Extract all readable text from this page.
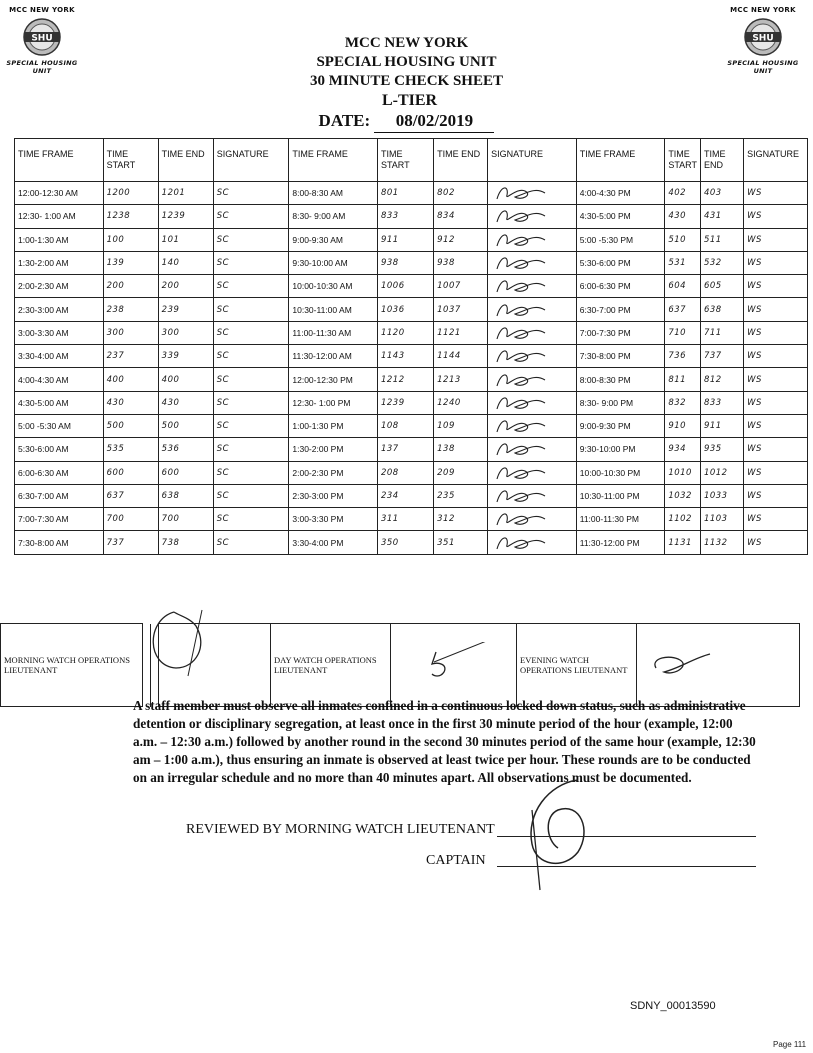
MCC NEW YORK
SHU
SPECIAL HOUSING UNIT
MCC NEW YORK
SHU
SPECIAL HOUSING UNIT
MCC NEW YORK
SPECIAL HOUSING UNIT
30 MINUTE CHECK SHEET
L-TIER
DATE: 08/02/2019
TIME FRAME	TIME START	TIME END	SIGNATURE	TIME FRAME	TIME START	TIME END	SIGNATURE	TIME FRAME	TIME START	TIME END	SIGNATURE
12:00-12:30 AM	1200	1201	SC	8:00-8:30 AM	801	802		4:00-4:30 PM	402	403	WS
12:30- 1:00 AM	1238	1239	SC	8:30- 9:00 AM	833	834		4:30-5:00 PM	430	431	WS
1:00-1:30 AM	100	101	SC	9:00-9:30 AM	911	912		5:00 -5:30 PM	510	511	WS
1:30-2:00 AM	139	140	SC	9:30-10:00 AM	938	938		5:30-6:00 PM	531	532	WS
2:00-2:30 AM	200	200	SC	10:00-10:30 AM	1006	1007		6:00-6:30 PM	604	605	WS
2:30-3:00 AM	238	239	SC	10:30-11:00 AM	1036	1037		6:30-7:00 PM	637	638	WS
3:00-3:30 AM	300	300	SC	11:00-11:30 AM	1120	1121		7:00-7:30 PM	710	711	WS
3:30-4:00 AM	237	339	SC	11:30-12:00 AM	1143	1144		7:30-8:00 PM	736	737	WS
4:00-4:30 AM	400	400	SC	12:00-12:30 PM	1212	1213		8:00-8:30 PM	811	812	WS
4:30-5:00 AM	430	430	SC	12:30- 1:00 PM	1239	1240		8:30- 9:00 PM	832	833	WS
5:00 -5:30 AM	500	500	SC	1:00-1:30 PM	108	109		9:00-9:30 PM	910	911	WS
5:30-6:00 AM	535	536	SC	1:30-2:00 PM	137	138		9:30-10:00 PM	934	935	WS
6:00-6:30 AM	600	600	SC	2:00-2:30 PM	208	209		10:00-10:30 PM	1010	1012	WS
6:30-7:00 AM	637	638	SC	2:30-3:00 PM	234	235		10:30-11:00 PM	1032	1033	WS
7:00-7:30 AM	700	700	SC	3:00-3:30 PM	311	312		11:00-11:30 PM	1102	1103	WS
7:30-8:00 AM	737	738	SC	3:30-4:00 PM	350	351		11:30-12:00 PM	1131	1132	WS
MORNING WATCH OPERATIONS LIEUTENANT				DAY WATCH OPERATIONS LIEUTENANT		EVENING WATCH OPERATIONS LIEUTENANT	
A staff member must observe all inmates confined in a continuous locked down status, such as administrative detention or disciplinary segregation, at least once in the first 30 minute period of the hour (example, 12:00 a.m. – 12:30 a.m.) followed by another round in the second 30 minutes period of the same hour (example, 12:30 am – 1:00 a.m.), thus ensuring an inmate is observed at least twice per hour. These rounds are to be conducted on an irregular schedule and no more than 40 minutes apart. All observations must be documented.
REVIEWED BY MORNING WATCH LIEUTENANT
CAPTAIN
SDNY_00013590
Page 111
